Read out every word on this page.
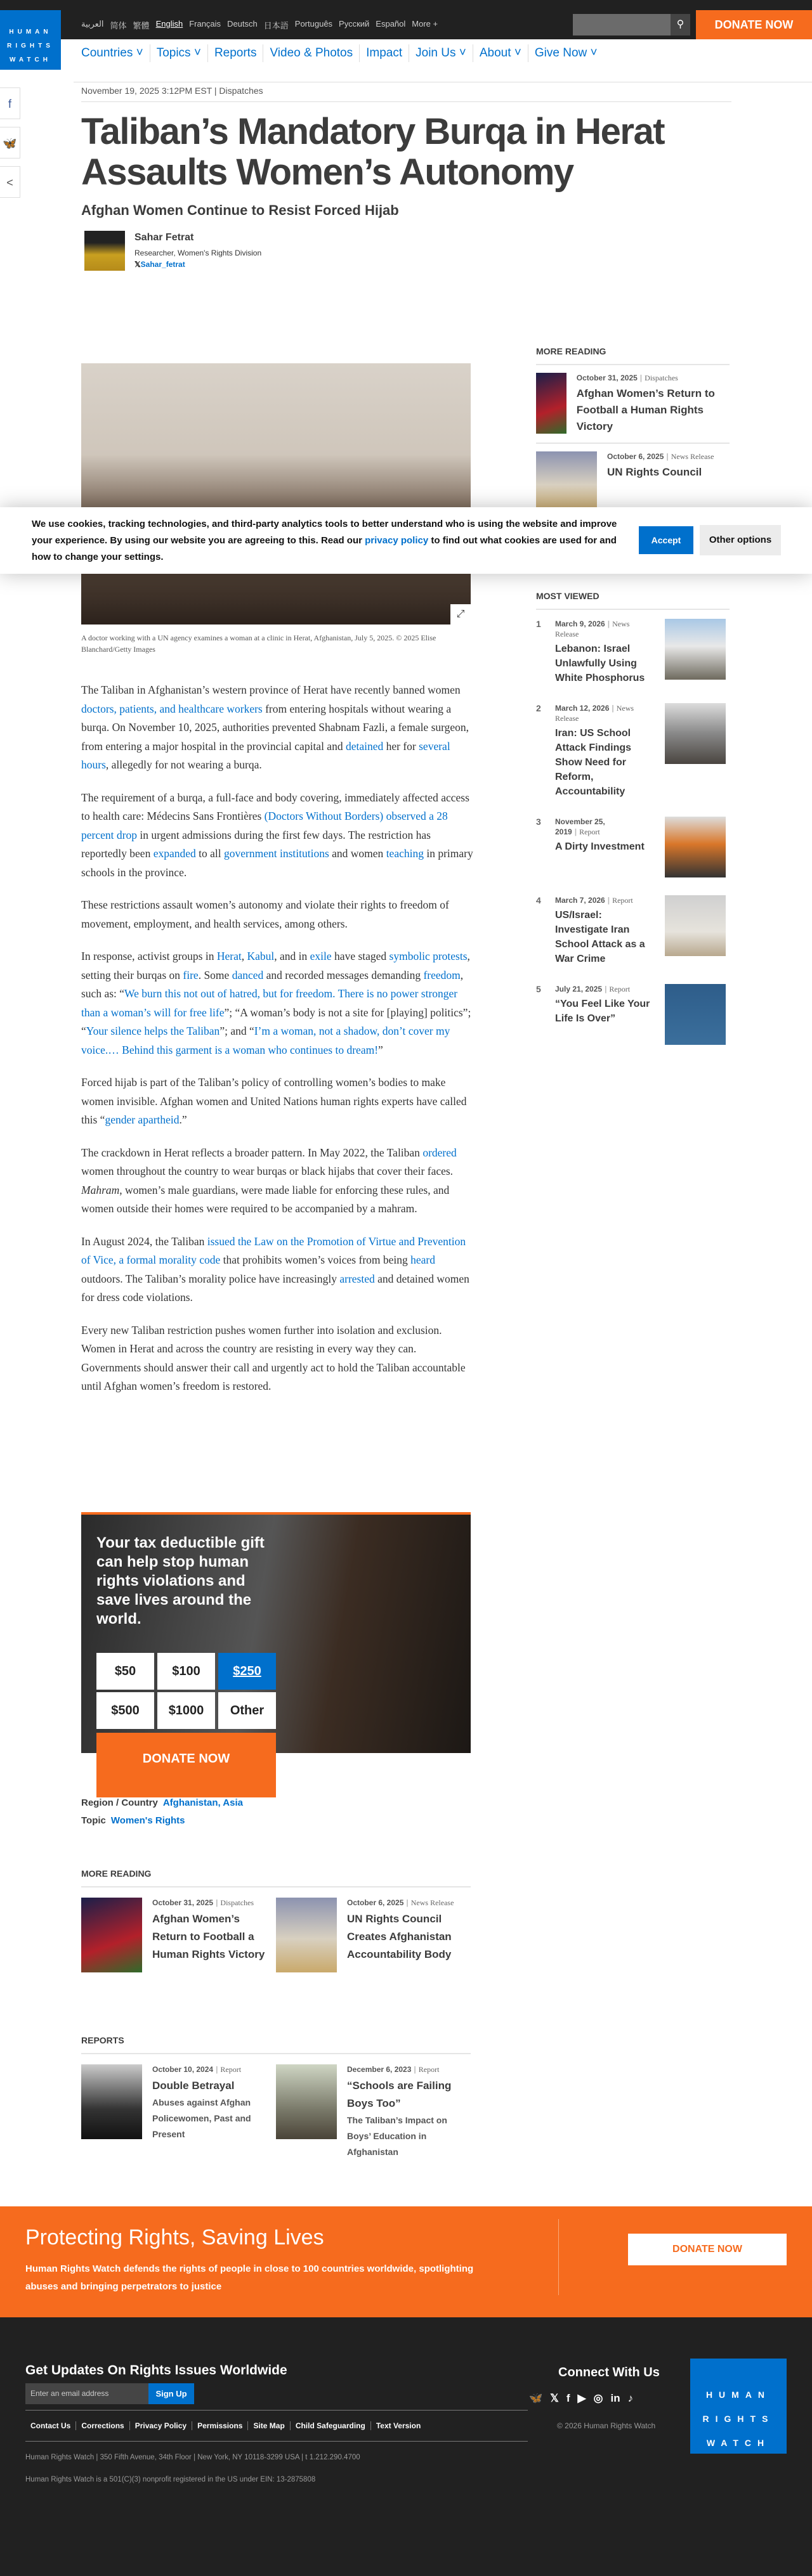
HUMAN
RIGHTS
WATCH
العربية 简体 繁體 English Français Deutsch 日本語 Português Русский Español More +	⚲	DONATE NOW
Countries ˅	Topics ˅	Reports	Video & Photos	Impact	Join Us ˅	About ˅	Give Now ˅
November 19, 2025 3:12PM EST | Dispatches
f
🦋
<
Taliban’s Mandatory Burqa in Herat Assaults Women’s Autonomy
Afghan Women Continue to Resist Forced Hijab
Sahar Fetrat
Researcher, Women's Rights Division
𝕏Sahar_fetrat
⤢
A doctor working with a UN agency examines a woman at a clinic in Herat, Afghanistan, July 5, 2025. © 2025 Elise Blanchard/Getty Images

The Taliban in Afghanistan’s western province of Herat have recently banned women doctors, patients, and healthcare workers from entering hospitals without wearing a burqa. On November 10, 2025, authorities prevented Shabnam Fazli, a female surgeon, from entering a major hospital in the provincial capital and detained her for several hours, allegedly for not wearing a burqa.

The requirement of a burqa, a full-face and body covering, immediately affected access to health care: Médecins Sans Frontières (Doctors Without Borders) observed a 28 percent drop in urgent admissions during the first few days. The restriction has reportedly been expanded to all government institutions and women teaching in primary schools in the province.

These restrictions assault women’s autonomy and violate their rights to freedom of movement, employment, and health services, among others.

In response, activist groups in Herat, Kabul, and in exile have staged symbolic protests, setting their burqas on fire. Some danced and recorded messages demanding freedom, such as: “We burn this not out of hatred, but for freedom. There is no power stronger than a woman’s will for free life”; “A woman’s body is not a site for [playing] politics”; “Your silence helps the Taliban”; and “I’m a woman, not a shadow, don’t cover my voice.… Behind this garment is a woman who continues to dream!”

Forced hijab is part of the Taliban’s policy of controlling women’s bodies to make women invisible. Afghan women and United Nations human rights experts have called this “gender apartheid.”

The crackdown in Herat reflects a broader pattern. In May 2022, the Taliban ordered women throughout the country to wear burqas or black hijabs that cover their faces. Mahram, women’s male guardians, were made liable for enforcing these rules, and women outside their homes were required to be accompanied by a mahram.

In August 2024, the Taliban issued the Law on the Promotion of Virtue and Prevention of Vice, a formal morality code that prohibits women’s voices from being heard outdoors. The Taliban’s morality police have increasingly arrested and detained women for dress code violations.

Every new Taliban restriction pushes women further into isolation and exclusion. Women in Herat and across the country are resisting in every way they can. Governments should answer their call and urgently act to hold the Taliban accountable until Afghan women’s freedom is restored.

We use cookies, tracking technologies, and third-party analytics tools to better understand who is using the website and improve your experience. By using our website you are agreeing to this. Read our privacy policy to find out what cookies are used for and how to change your settings.
Accept	Other options
MORE READING
October 31, 2025 | Dispatches
Afghan Women’s Return to Football a Human Rights Victory
October 6, 2025 | News Release
UN Rights Council
MOST VIEWED
1	March 9, 2026 | News Release
Lebanon: Israel Unlawfully Using White Phosphorus
2	March 12, 2026 | News Release
Iran: US School Attack Findings Show Need for Reform, Accountability
3	November 25, 2019 | Report
A Dirty Investment
4	March 7, 2026 | Report
US/Israel: Investigate Iran School Attack as a War Crime
5	July 21, 2025 | Report
“You Feel Like Your Life Is Over”
Your tax deductible gift can help stop human rights violations and save lives around the world.
$50	$100	$250
$500	$1000	Other
DONATE NOW
Region / Country Afghanistan, Asia
Topic Women's Rights
MORE READING
October 31, 2025 | Dispatches
Afghan Women’s Return to Football a Human Rights Victory
October 6, 2025 | News Release
UN Rights Council Creates Afghanistan Accountability Body
REPORTS
October 10, 2024 | Report
Double Betrayal
Abuses against Afghan Policewomen, Past and Present
December 6, 2023 | Report
“Schools are Failing Boys Too”
The Taliban’s Impact on Boys’ Education in Afghanistan
Protecting Rights, Saving Lives
Human Rights Watch defends the rights of people in close to 100 countries worldwide, spotlighting abuses and bringing perpetrators to justice
DONATE NOW
Get Updates On Rights Issues Worldwide
Enter an email address	Sign Up
Connect With Us
🦋 𝕏 f ▶ ◎ in ♪
Contact Us	Corrections	Privacy Policy	Permissions	Site Map	Child Safeguarding	Text Version	© 2026 Human Rights Watch
Human Rights Watch | 350 Fifth Avenue, 34th Floor | New York, NY 10118-3299 USA | t 1.212.290.4700
Human Rights Watch is a 501(C)(3) nonprofit registered in the US under EIN: 13-2875808
HUMAN
RIGHTS
WATCH
